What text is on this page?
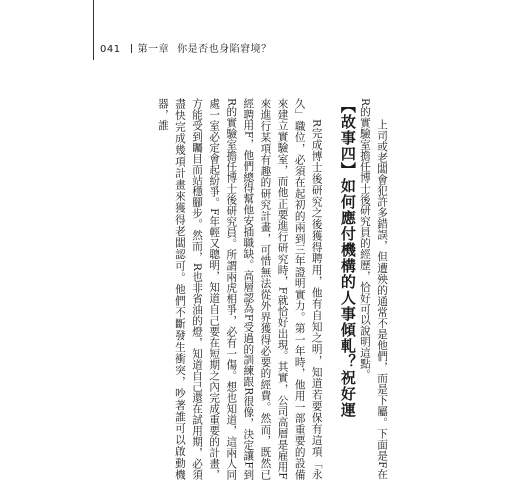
041 第一章 你是否也身陷窘境？

上司或老闆會犯許多錯誤，但遭殃的通常不是他們，而是下屬。下面是F在R的實驗室擔任博士後研究員的經歷，恰好可以說明這點。

【故事四】如何應付機構的人事傾軋？祝好運

R完成博士後研究之後獲得聘用，他有自知之明，知道若要保有這項「永久」職位，必須在起初的兩到三年證明實力。第一年時，他用一部重要的設備來建立實驗室，而他正要進行研究時，F就恰好出現。其實，公司高層是雇用F來進行某項有趣的研究計畫，可惜無法從外界獲得必要的經費。然而，既然已經聘用F，他們總得幫他安插職缺。高層認為F受過的訓練跟R很像，決定讓F到R的實驗室擔任博士後研究員。所謂兩虎相爭，必有一傷。想也知道，這兩人同處一室必定會起紛爭。F年輕又聰明，知道自己要在短期之內完成重要的計畫，方能受到矚目而站穩腳步。然而，R也非省油的燈，知道自己還在試用期，必須盡快完成幾項計畫來獲得老闆認可。他們不斷發生衝突，吵著誰可以啟動機器，誰
